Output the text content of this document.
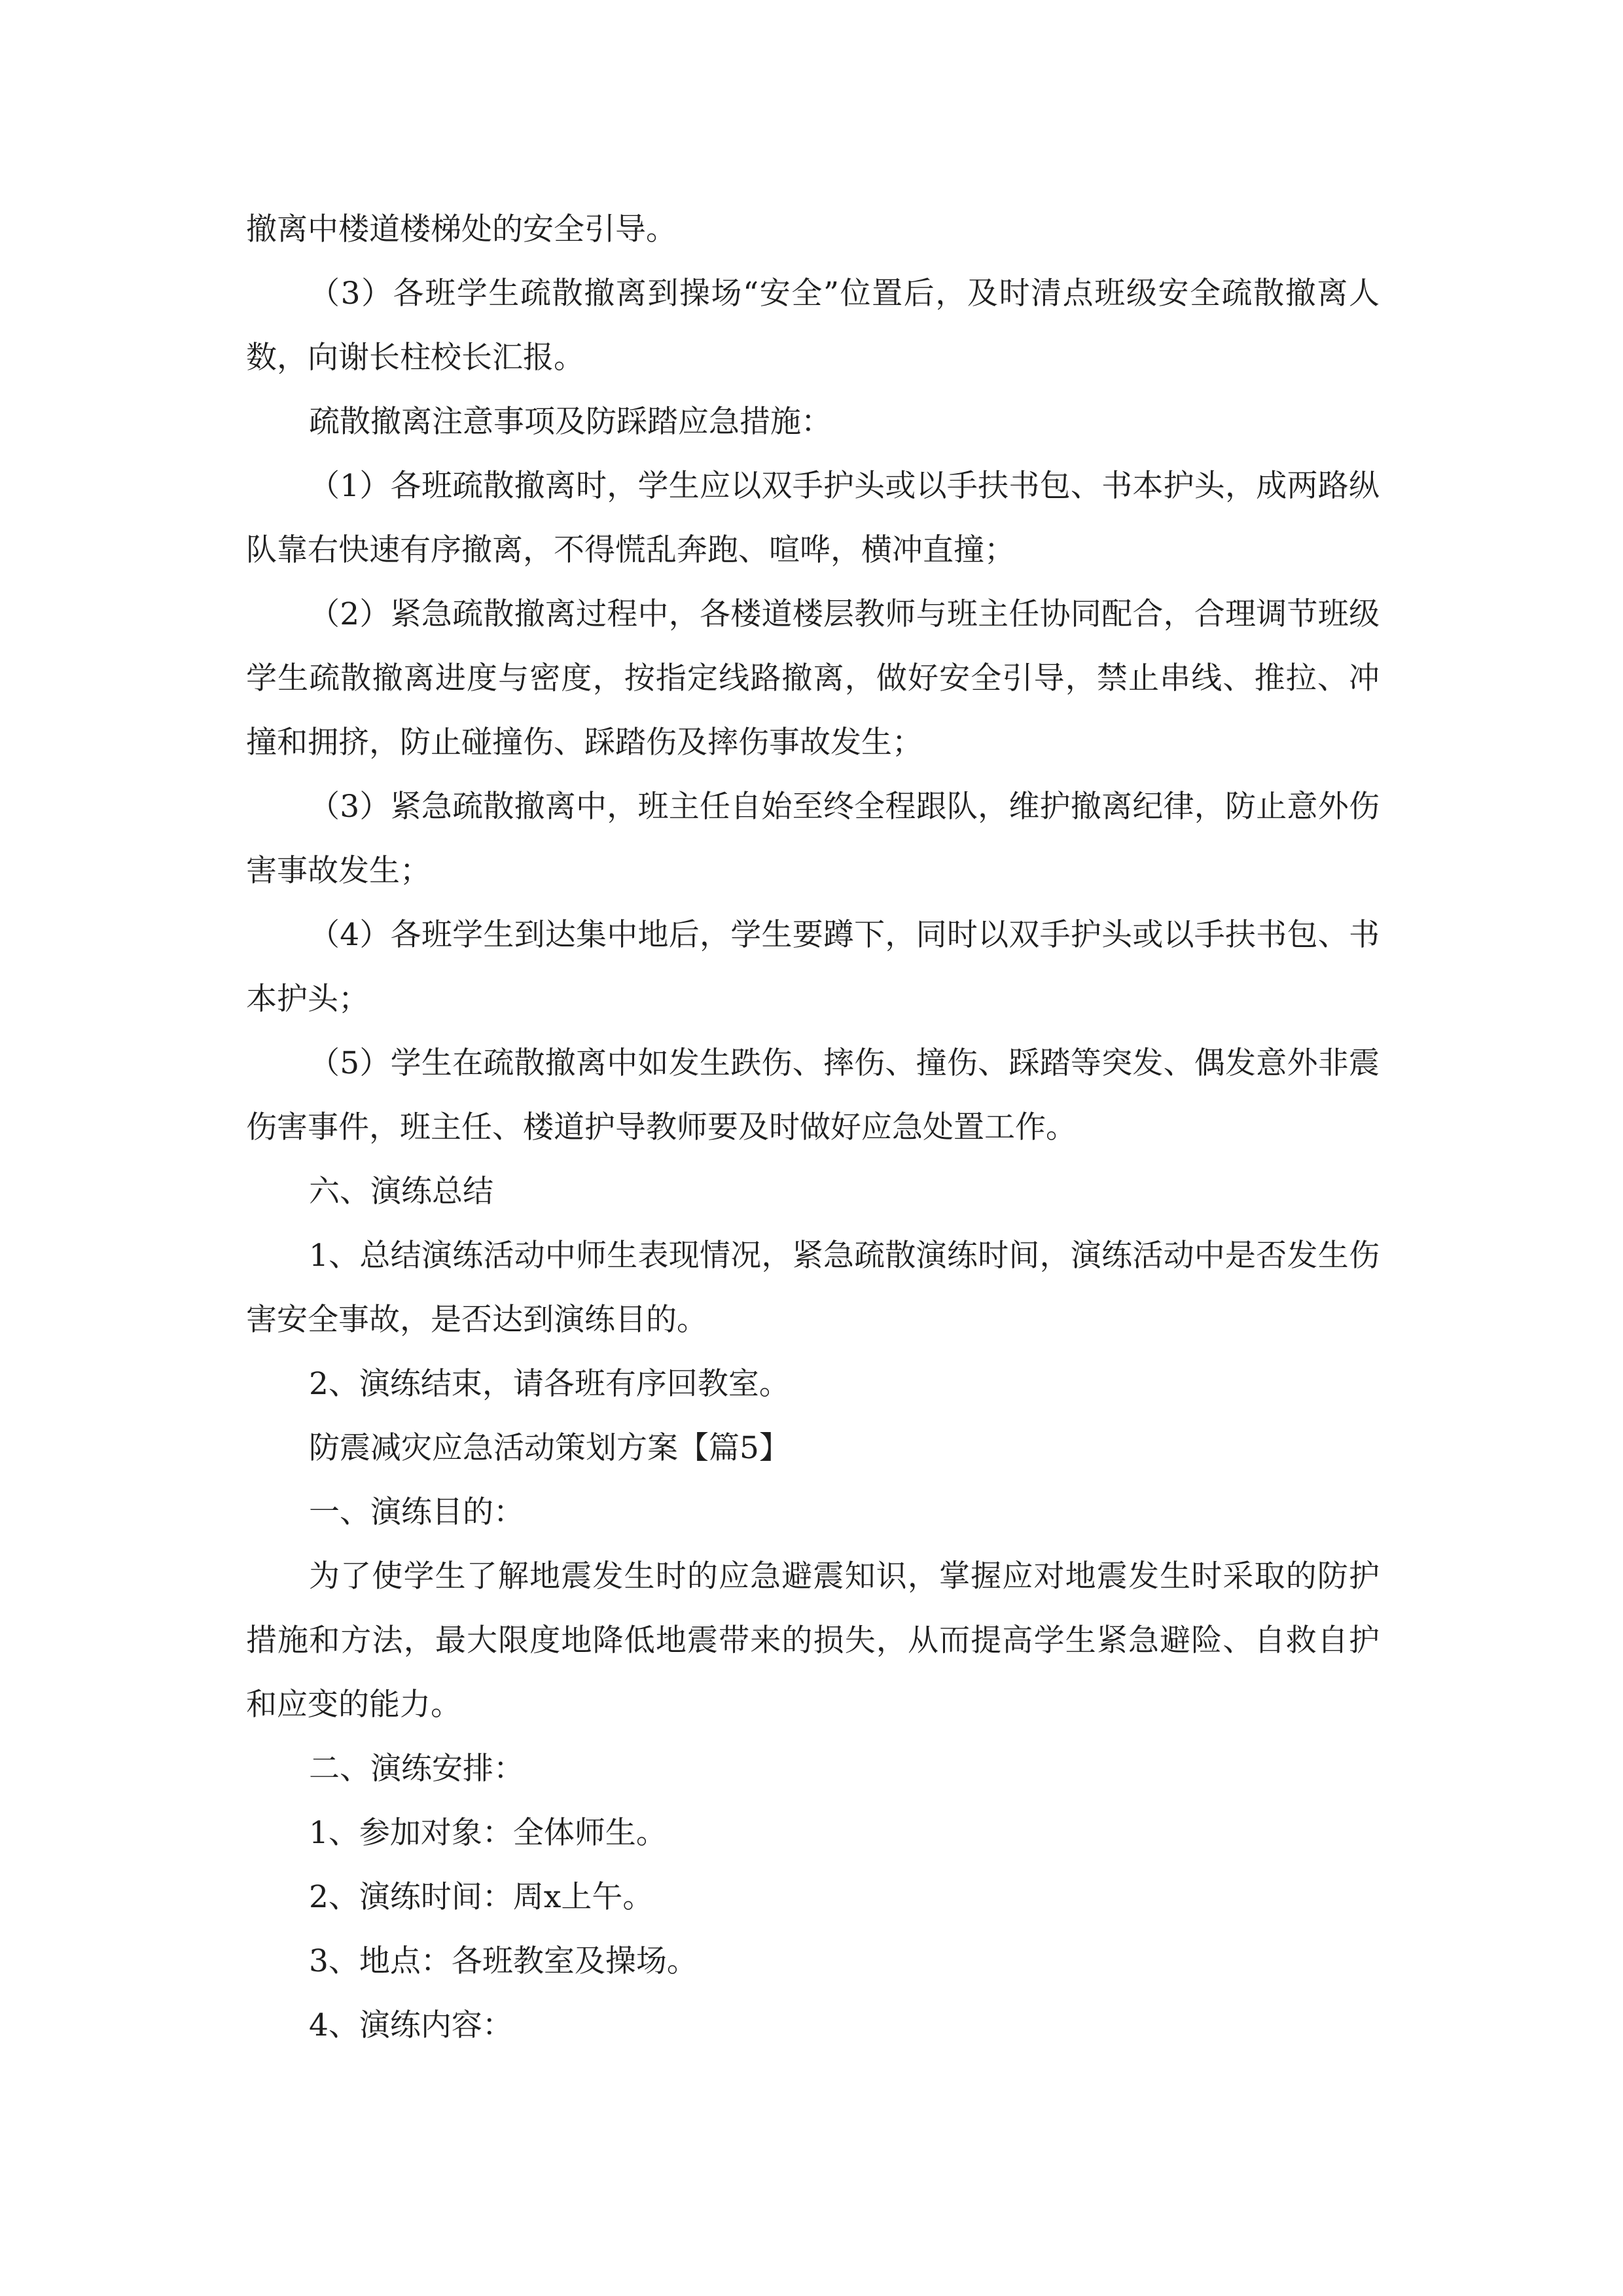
撤离中楼道楼梯处的安全引导。

（3）各班学生疏散撤离到操场“安全”位置后，及时清点班级安全疏散撤离人数，向谢长柱校长汇报。

疏散撤离注意事项及防踩踏应急措施：

（1）各班疏散撤离时，学生应以双手护头或以手扶书包、书本护头，成两路纵队靠右快速有序撤离，不得慌乱奔跑、喧哗，横冲直撞；

（2）紧急疏散撤离过程中，各楼道楼层教师与班主任协同配合，合理调节班级学生疏散撤离进度与密度，按指定线路撤离，做好安全引导，禁止串线、推拉、冲撞和拥挤，防止碰撞伤、踩踏伤及摔伤事故发生；

（3）紧急疏散撤离中，班主任自始至终全程跟队，维护撤离纪律，防止意外伤害事故发生；

（4）各班学生到达集中地后，学生要蹲下，同时以双手护头或以手扶书包、书本护头；

（5）学生在疏散撤离中如发生跌伤、摔伤、撞伤、踩踏等突发、偶发意外非震伤害事件，班主任、楼道护导教师要及时做好应急处置工作。

六、演练总结

1、总结演练活动中师生表现情况，紧急疏散演练时间，演练活动中是否发生伤害安全事故，是否达到演练目的。

2、演练结束，请各班有序回教室。

防震减灾应急活动策划方案【篇5】

一、演练目的：

为了使学生了解地震发生时的应急避震知识，掌握应对地震发生时采取的防护措施和方法，最大限度地降低地震带来的损失，从而提高学生紧急避险、自救自护和应变的能力。

二、演练安排：

1、参加对象：全体师生。

2、演练时间：周x上午。

3、地点：各班教室及操场。

4、演练内容：
